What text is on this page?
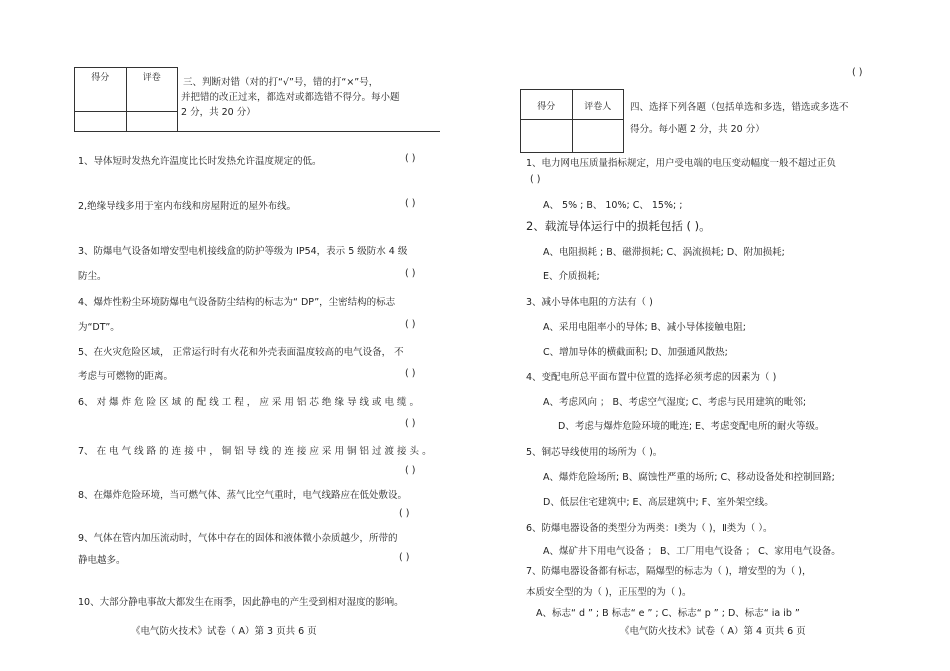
得分	评卷
	三、判断对错（对的打“√”号，错的打“×”号，
并把错的改正过来，都选对或都选错不得分。每小题
2 分，共 20 分）
1、导体短时发热允许温度比长时发热允许温度规定的低。	( )
2,绝缘导线多用于室内布线和房屋附近的屋外布线。	( )
3、防爆电气设备如增安型电机接线盒的防护等级为 IP54，表示 5 级防水 4 级
防尘。	( )
4、爆炸性粉尘环境防爆电气设备防尘结构的标志为“ DP”，尘密结构的标志
为“DT”。	( )
5、在火灾危险区域， 正常运行时有火花和外壳表面温度较高的电气设备， 不
考虑与可燃物的距离。	( )
6、 对 爆 炸 危 险 区 域 的 配 线 工 程 ， 应 采 用 铝 芯 绝 缘 导 线 或 电 缆 。
( )
7、 在 电 气 线 路 的 连 接 中 ， 铜 铝 导 线 的 连 接 应 采 用 铜 铝 过 渡 接 头 。
( )
8、在爆炸危险环境，当可燃气体、蒸气比空气重时，电气线路应在低处敷设。
( )
9、气体在管内加压流动时，气体中存在的固体和液体微小杂质越少，所带的
静电越多。	( )
10、大部分静电事故大都发生在雨季，因此静电的产生受到相对湿度的影响。
《电气防火技术》试卷（ A）第 3 页共 6 页
( )
得分	评卷人
	四、选择下列各题（包括单选和多选，错选或多选不
得分。每小题 2 分，共 20 分）
1、电力网电压质量指标规定，用户受电端的电压变动幅度一般不超过正负
( )
A、 5% ; B、 10%; C、 15%; ;
2、载流导体运行中的损耗包括 ( )。
A、电阻损耗 ; B、磁滞损耗; C、涡流损耗; D、附加损耗;
E、介质损耗;
3、减小导体电阻的方法有（ )
A、采用电阻率小的导体; B、减小导体接触电阻;
C、增加导体的横截面积; D、加强通风散热;
4、变配电所总平面布置中位置的选择必须考虑的因素为（ )
A、考虑风向 ； B、考虑空气湿度; C、考虑与民用建筑的毗邻;
D、考虑与爆炸危险环境的毗连; E、考虑变配电所的耐火等级。
5、铜芯导线使用的场所为（ )。
A、爆炸危险场所; B、腐蚀性严重的场所; C、移动设备处和控制回路;
D、低层住宅建筑中; E、高层建筑中; F、室外架空线。
6、防爆电器设备的类型分为两类：Ⅰ类为（ )，Ⅱ类为（ ）。
A、煤矿井下用电气设备 ； B、工厂用电气设备 ； C、家用电气设备。
7、防爆电器设备都有标志，隔爆型的标志为（ )，增安型的为（ )，
本质安全型的为（ )，正压型的为（ )。
A、标志“ d ” ; B 标志“ e ” ; C、标志“ p ” ; D、标志“ ia ib ”
《电气防火技术》试卷（ A）第 4 页共 6 页
